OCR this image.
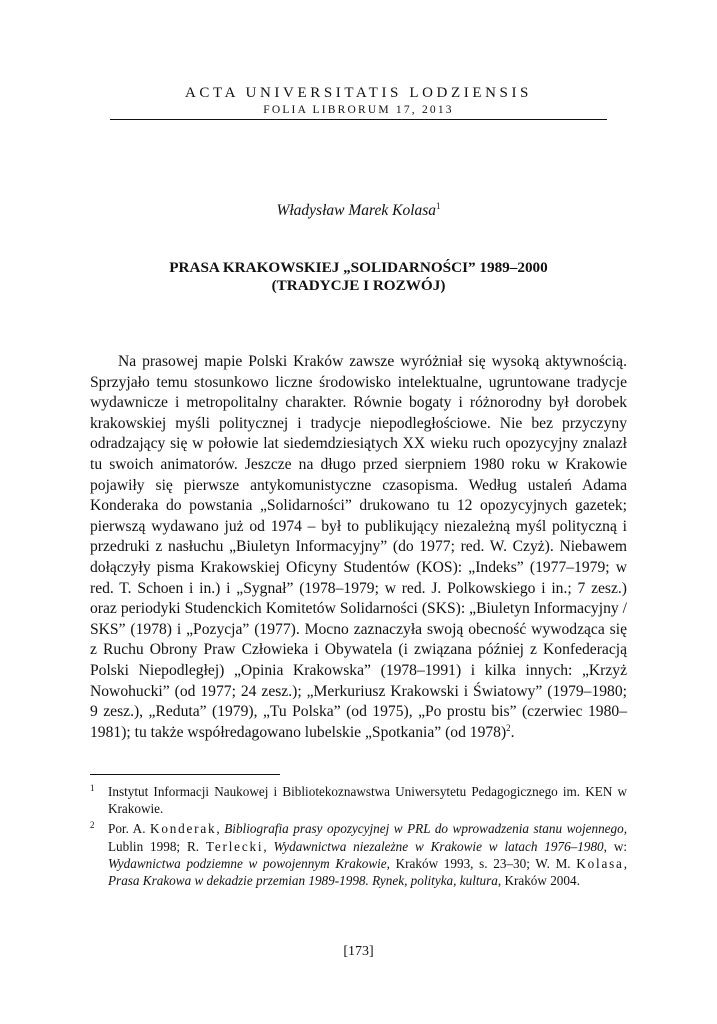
ACTA UNIVERSITATIS LODZIENSIS
FOLIA LIBRORUM 17, 2013
Władysław Marek Kolasa$^1$
PRASA KRAKOWSKIEJ „SOLIDARNOŚCI” 1989–2000
(TRADYCJE I ROZWÓJ)

Na prasowej mapie Polski Kraków zawsze wyróżniał się wysoką aktywnością. Sprzyjało temu stosunkowo liczne środowisko intelektualne, ugruntowane tradycje wydawnicze i metropolitalny charakter. Równie bogaty i różnorodny był dorobek krakowskiej myśli politycznej i tradycje niepodległościowe. Nie bez przyczyny odradzający się w połowie lat siedemdziesiątych XX wieku ruch opozycyjny znalazł tu swoich animatorów. Jeszcze na długo przed sierpniem 1980 roku w Krakowie pojawiły się pierwsze antykomunistyczne czasopisma. Według ustaleń Adama Konderaka do powstania „Solidarności” drukowano tu 12 opozycyjnych gazetek; pierwszą wydawano już od 1974 – był to publikujący niezależną myśl polityczną i przedruki z nasłuchu „Biuletyn Informacyjny” (do 1977; red. W. Czyż). Niebawem dołączyły pisma Krakowskiej Oficyny Studentów (KOS): „Indeks” (1977–1979; w red. T. Schoen i in.) i „Sygnał” (1978–1979; w red. J. Polkowskiego i in.; 7 zesz.) oraz periodyki Studenckich Komitetów Solidarności (SKS): „Biuletyn Informacyjny / SKS” (1978) i „Pozycja” (1977). Mocno zaznaczyła swoją obecność wywodząca się z Ruchu Obrony Praw Człowieka i Obywatela (i związana później z Konfederacją Polski Niepodległej) „Opinia Krakowska” (1978–1991) i kilka innych: „Krzyż Nowohucki” (od 1977; 24 zesz.); „Merkuriusz Krakowski i Światowy” (1979–1980; 9 zesz.), „Reduta” (1979), „Tu Polska” (od 1975), „Po prostu bis” (czerwiec 1980–1981); tu także współredagowano lubelskie „Spotkania” (od 1978)$^2$.

1 Instytut Informacji Naukowej i Bibliotekoznawstwa Uniwersytetu Pedagogicznego im. KEN w Krakowie.
2 Por. A. Konderak, Bibliografia prasy opozycyjnej w PRL do wprowadzenia stanu wojennego, Lublin 1998; R. Terlecki, Wydawnictwa niezależne w Krakowie w latach 1976–1980, w: Wydawnictwa podziemne w powojennym Krakowie, Kraków 1993, s. 23–30; W. M. Kolasa, Prasa Krakowa w dekadzie przemian 1989-1998. Rynek, polityka, kultura, Kraków 2004.
[173]
